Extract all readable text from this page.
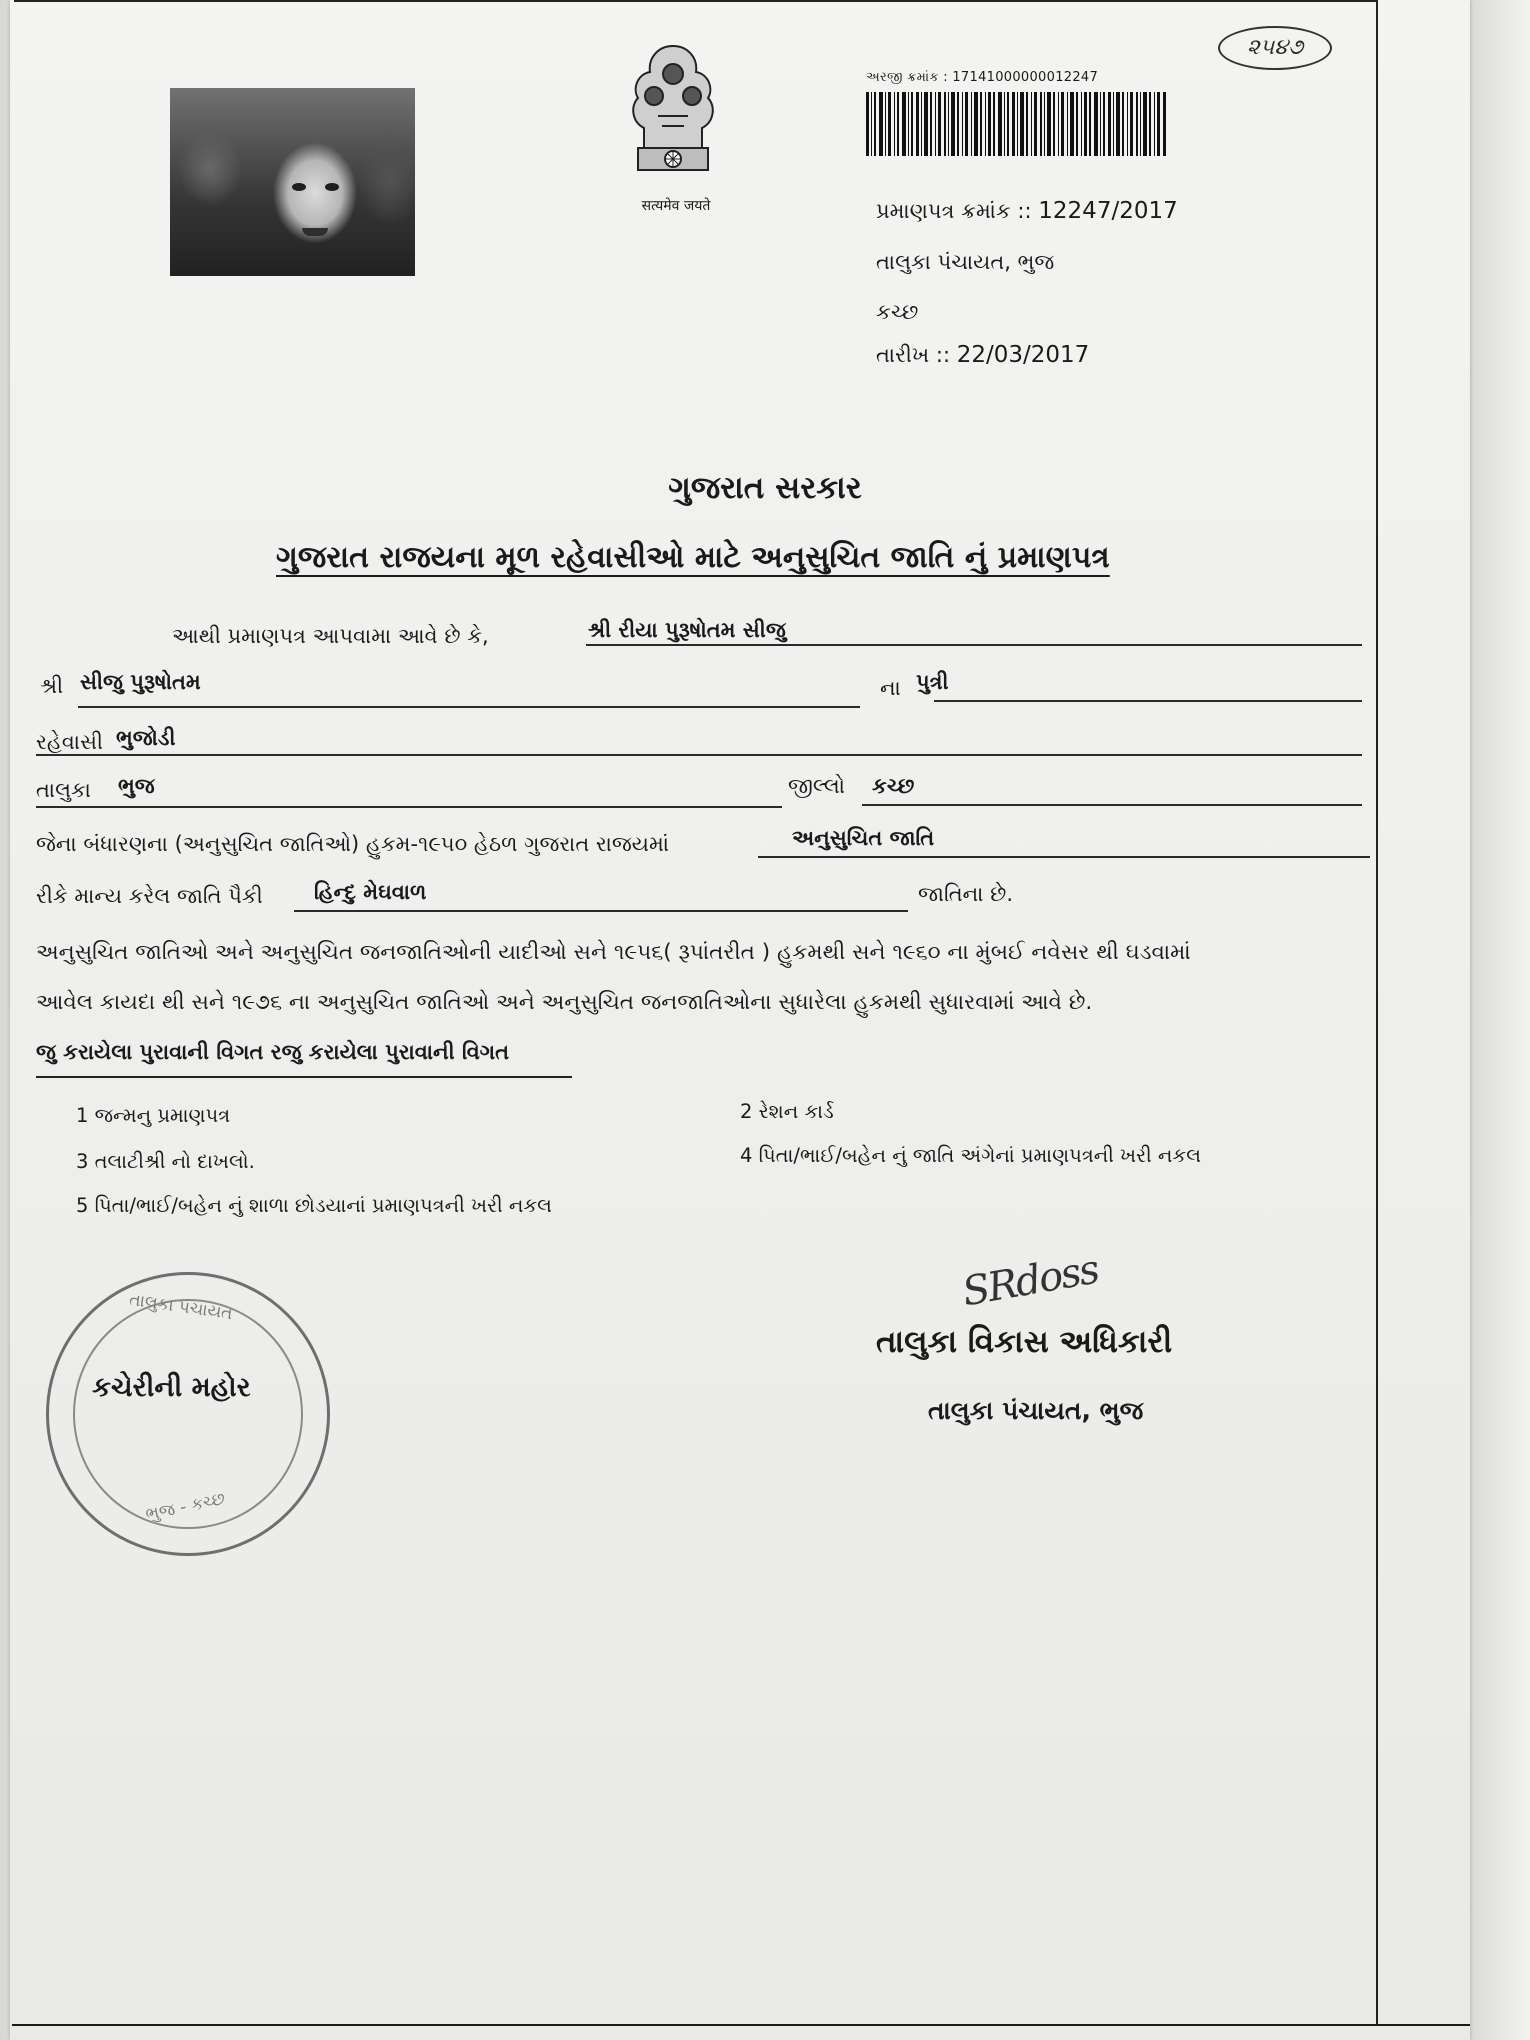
सत्यमेव जयते
અરજી ક્રમાંક : 17141000000012247
૨૫૪૭
પ્રમાણપત્ર ક્રમાંક :: 12247/2017
તાલુકા પંચાયત, ભુજ
કચ્છ
તારીખ :: 22/03/2017
ગુજરાત સરકાર
ગુજરાત રાજયના મૂળ રહેવાસીઓ માટે અનુસુચિત જાતિ નું પ્રમાણપત્ર
આથી પ્રમાણપત્ર આપવામા આવે છે કે,	શ્રી રીયા પુરૂષોતમ સીજુ
શ્રી સીજુ પુરૂષોતમ	ના પુત્રી
રહેવાસી ભુજોડી
તાલુકા ભુજ	જીલ્લો કચ્છ
જેના બંધારણના (અનુસુચિત જાતિઓ) હુકમ-૧૯૫૦ હેઠળ ગુજરાત રાજયમાં	અનુસુચિત જાતિ
રીકે માન્ય કરેલ જાતિ પૈકી હિન્દુ મેઘવાળ	જાતિના છે.
અનુસુચિત જાતિઓ અને અનુસુચિત જનજાતિઓની યાદીઓ સને ૧૯૫૬( રૂપાંતરીત ) હુકમથી સને ૧૯૬૦ ના મુંબઈ નવેસર થી ઘડવામાં
આવેલ કાયદા થી સને ૧૯૭૬ ના અનુસુચિત જાતિઓ અને અનુસુચિત જનજાતિઓના સુધારેલા હુકમથી સુધારવામાં આવે છે.
જુ કરાયેલા પુરાવાની વિગત રજુ કરાયેલા પુરાવાની વિગત
1 જન્મનુ પ્રમાણપત્ર	2 રેશન કાર્ડ
3 તલાટીશ્રી નો દાખલો.	4 પિતા/ભાઈ/બહેન નું જાતિ અંગેનાં પ્રમાણપત્રની ખરી નકલ
5 પિતા/ભાઈ/બહેન નું શાળા છોડયાનાં પ્રમાણપત્રની ખરી નકલ
તાલુકા પંચાયત
ભુજ - કચ્છ
કચેરીની મહોર
SRdoss
તાલુકા વિકાસ અધિકારી
તાલુકા પંચાયત, ભુજ
